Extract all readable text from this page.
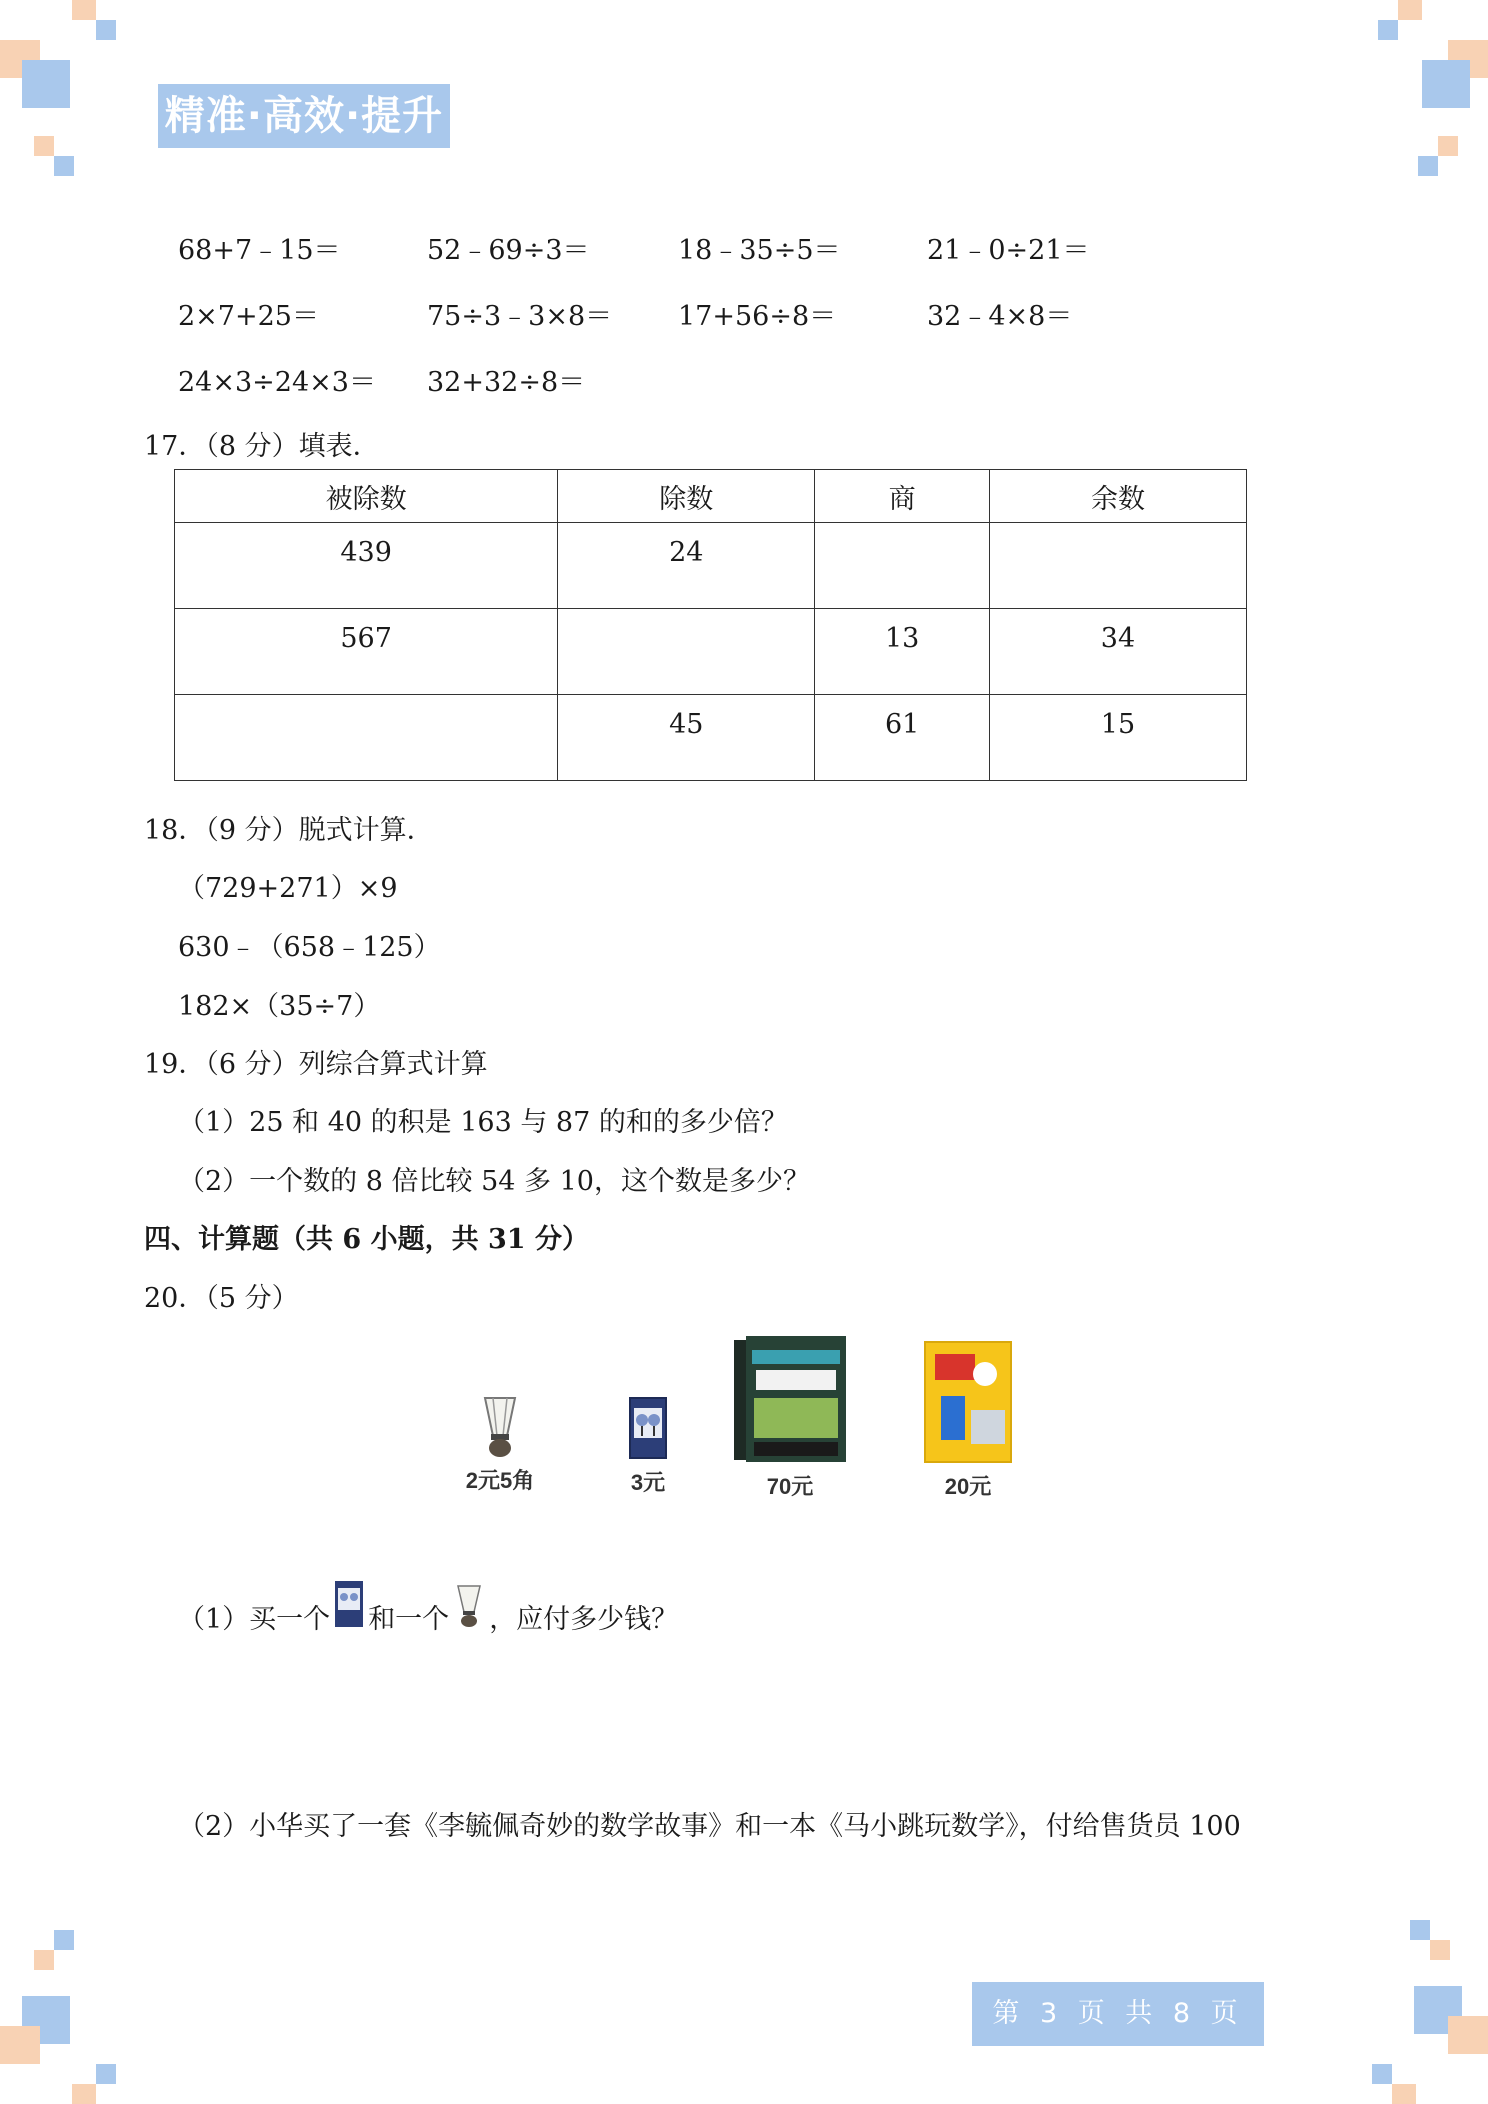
精准·高效·提升
68+7﹣15＝	52﹣69÷3＝	18﹣35÷5＝	21﹣0÷21＝
2×7+25＝	75÷3﹣3×8＝ 17+56÷8＝	32﹣4×8＝
24×3÷24×3＝ 32+32÷8＝
17．（8 分）填表．
被除数	除数	商	余数
439	24		
567		13	34
	45	61	15
18．（9 分）脱式计算．
（729+271）×9
630﹣（658﹣125）
182×（35÷7）
19．（6 分）列综合算式计算
（1）25 和 40 的积是 163 与 87 的和的多少倍？
（2）一个数的 8 倍比较 54 多 10，这个数是多少？
四、计算题（共 6 小题，共 31 分）
20．（5 分）
2元5角	3元	70元	20元
（1）买一个 和一个 ，应付多少钱？
（2）小华买了一套《李毓佩奇妙的数学故事》和一本《马小跳玩数学》，付给售货员 100
第 3 页 共 8 页
